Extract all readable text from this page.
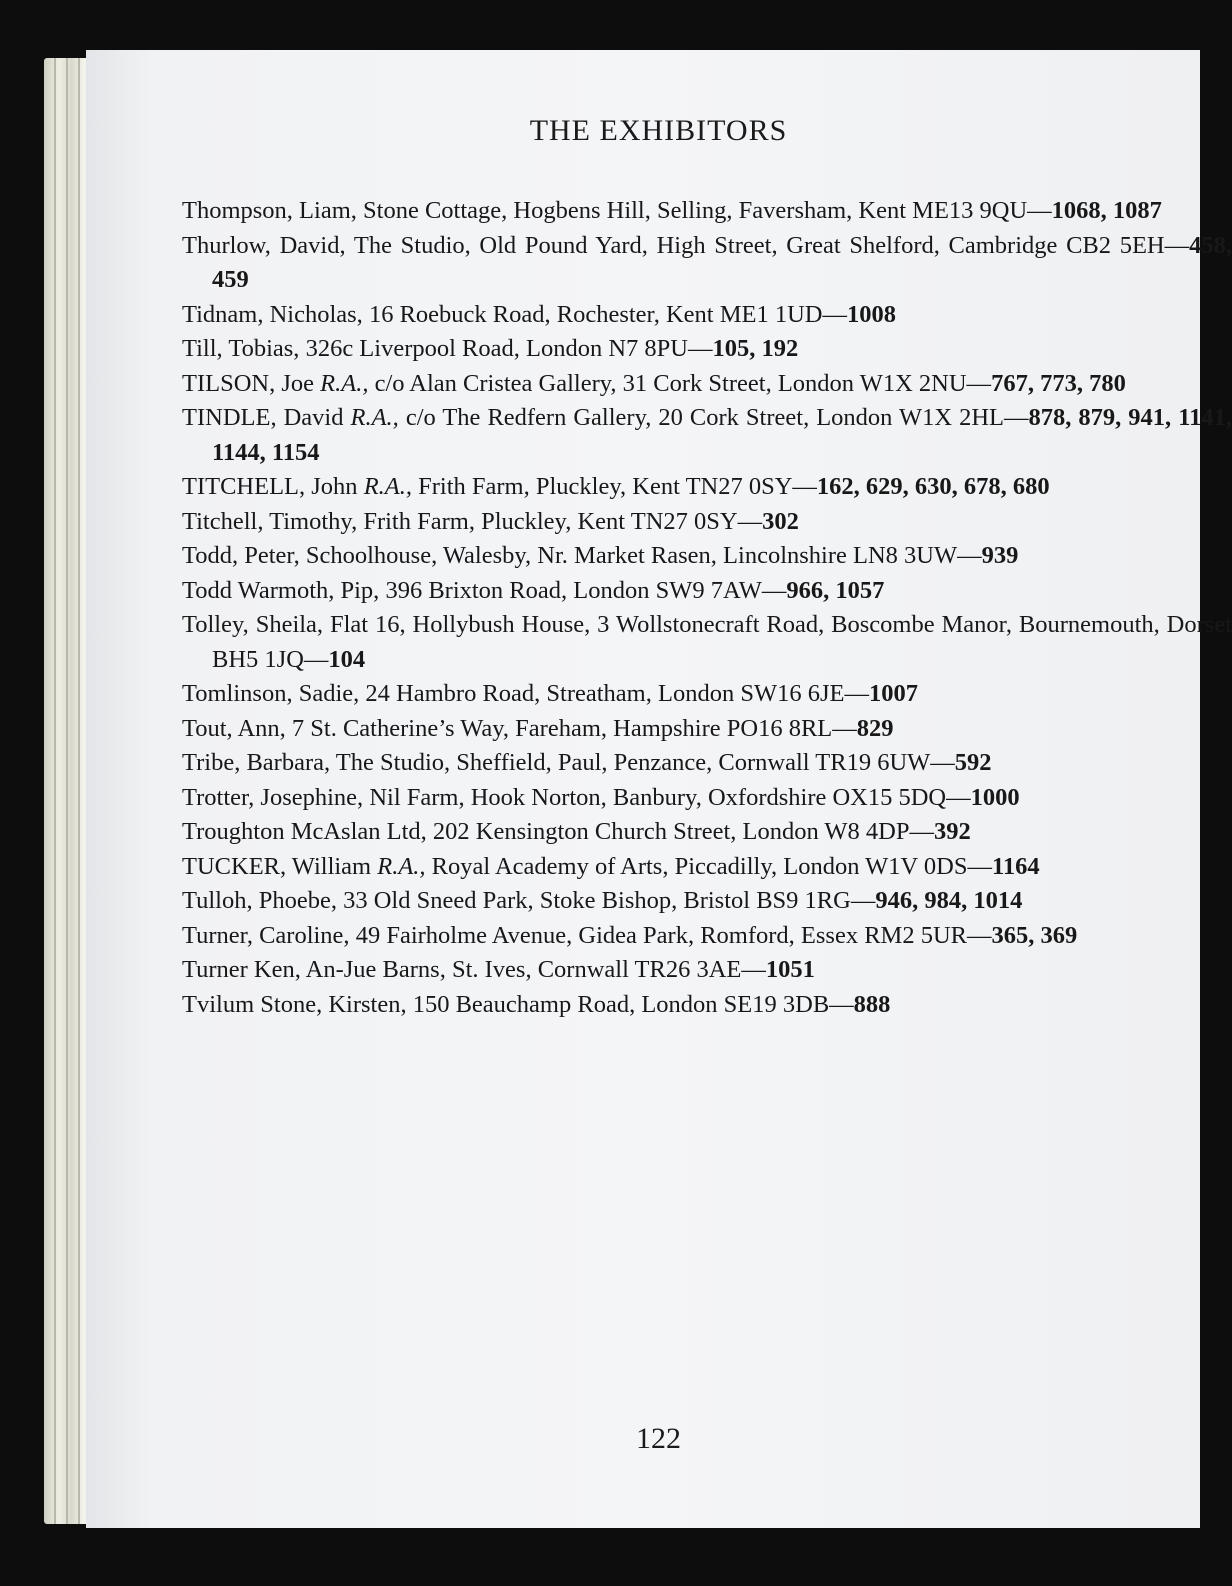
THE EXHIBITORS
Thompson, Liam, Stone Cottage, Hogbens Hill, Selling, Faversham, Kent ME13 9QU—1068, 1087
Thurlow, David, The Studio, Old Pound Yard, High Street, Great Shelford, Cambridge CB2 5EH—458, 459
Tidnam, Nicholas, 16 Roebuck Road, Rochester, Kent ME1 1UD—1008
Till, Tobias, 326c Liverpool Road, London N7 8PU—105, 192
TILSON, Joe R.A., c/o Alan Cristea Gallery, 31 Cork Street, London W1X 2NU—767, 773, 780
TINDLE, David R.A., c/o The Redfern Gallery, 20 Cork Street, London W1X 2HL—878, 879, 941, 1141, 1144, 1154
TITCHELL, John R.A., Frith Farm, Pluckley, Kent TN27 0SY—162, 629, 630, 678, 680
Titchell, Timothy, Frith Farm, Pluckley, Kent TN27 0SY—302
Todd, Peter, Schoolhouse, Walesby, Nr. Market Rasen, Lincolnshire LN8 3UW—939
Todd Warmoth, Pip, 396 Brixton Road, London SW9 7AW—966, 1057
Tolley, Sheila, Flat 16, Hollybush House, 3 Wollstonecraft Road, Boscombe Manor, Bournemouth, Dorset BH5 1JQ—104
Tomlinson, Sadie, 24 Hambro Road, Streatham, London SW16 6JE—1007
Tout, Ann, 7 St. Catherine’s Way, Fareham, Hampshire PO16 8RL—829
Tribe, Barbara, The Studio, Sheffield, Paul, Penzance, Cornwall TR19 6UW—592
Trotter, Josephine, Nil Farm, Hook Norton, Banbury, Oxfordshire OX15 5DQ—1000
Troughton McAslan Ltd, 202 Kensington Church Street, London W8 4DP—392
TUCKER, William R.A., Royal Academy of Arts, Piccadilly, London W1V 0DS—1164
Tulloh, Phoebe, 33 Old Sneed Park, Stoke Bishop, Bristol BS9 1RG—946, 984, 1014
Turner, Caroline, 49 Fairholme Avenue, Gidea Park, Romford, Essex RM2 5UR—365, 369
Turner Ken, An-Jue Barns, St. Ives, Cornwall TR26 3AE—1051
Tvilum Stone, Kirsten, 150 Beauchamp Road, London SE19 3DB—888
122
